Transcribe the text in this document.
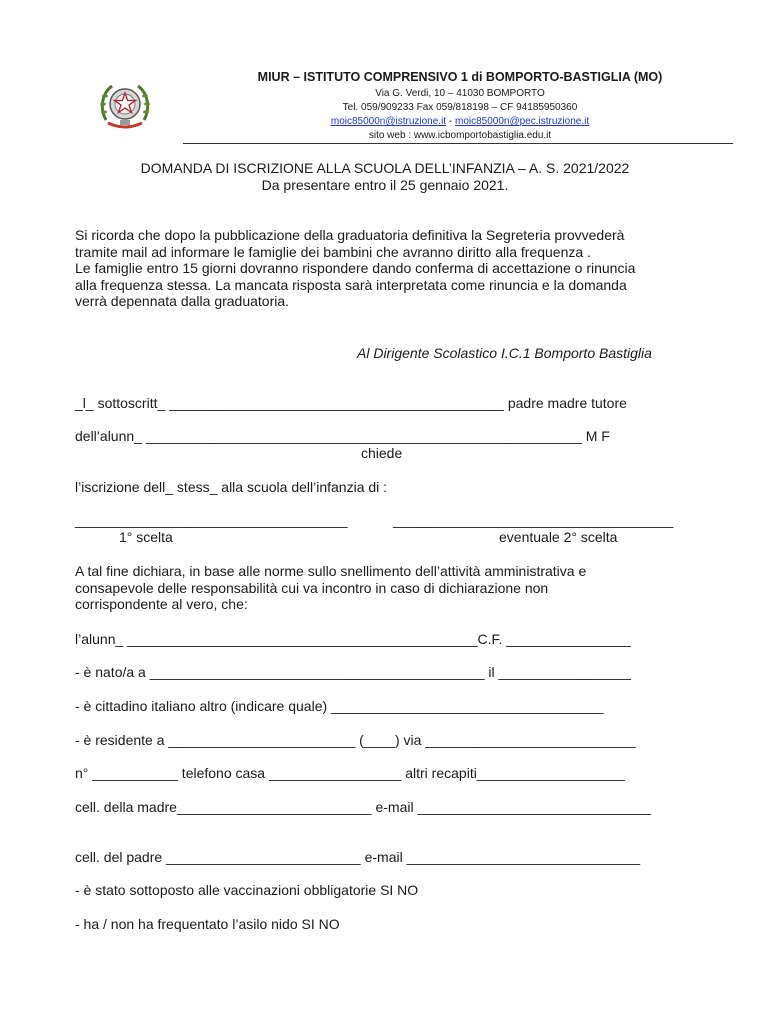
MIUR – ISTITUTO COMPRENSIVO 1 di BOMPORTO-BASTIGLIA (MO)
Via G. Verdi, 10 – 41030 BOMPORTO
Tel. 059/909233 Fax 059/818198 – CF 94185950360
moic85000n@istruzione.it - moic85000n@pec.istruzione.it
sito web : www.icbomportobastiglia.edu.it
DOMANDA DI ISCRIZIONE ALLA SCUOLA DELL’INFANZIA – A. S. 2021/2022
Da presentare entro il 25 gennaio 2021.
Si ricorda che dopo la pubblicazione della graduatoria definitiva la Segreteria provvederà
tramite mail ad informare le famiglie dei bambini che avranno diritto alla frequenza .
Le famiglie entro 15 giorni dovranno rispondere dando conferma di accettazione o rinuncia
alla frequenza stessa. La mancata risposta sarà interpretata come rinuncia e la domanda
verrà depennata dalla graduatoria.
Al Dirigente Scolastico I.C.1 Bomporto Bastiglia
_l_ sottoscritt_ ___________________________________________ padre madre tutore
dell’alunn_ ________________________________________________________ M F
chiede
l’iscrizione dell_ stess_ alla scuola dell’infanzia di :
___________________________________	____________________________________
1° scelta	eventuale 2° scelta
A tal fine dichiara, in base alle norme sullo snellimento dell’attività amministrativa e
consapevole delle responsabilità cui va incontro in caso di dichiarazione non
corrispondente al vero, che:
l’alunn_ _____________________________________________C.F. ________________
- è nato/a a ___________________________________________ il _________________
- è cittadino italiano altro (indicare quale) ___________________________________
- è residente a ________________________ (____) via ___________________________
n° ___________ telefono casa _________________ altri recapiti___________________
cell. della madre_________________________ e-mail ______________________________
cell. del padre _________________________ e-mail ______________________________
- è stato sottoposto alle vaccinazioni obbligatorie SI NO
- ha / non ha frequentato l’asilo nido SI NO
